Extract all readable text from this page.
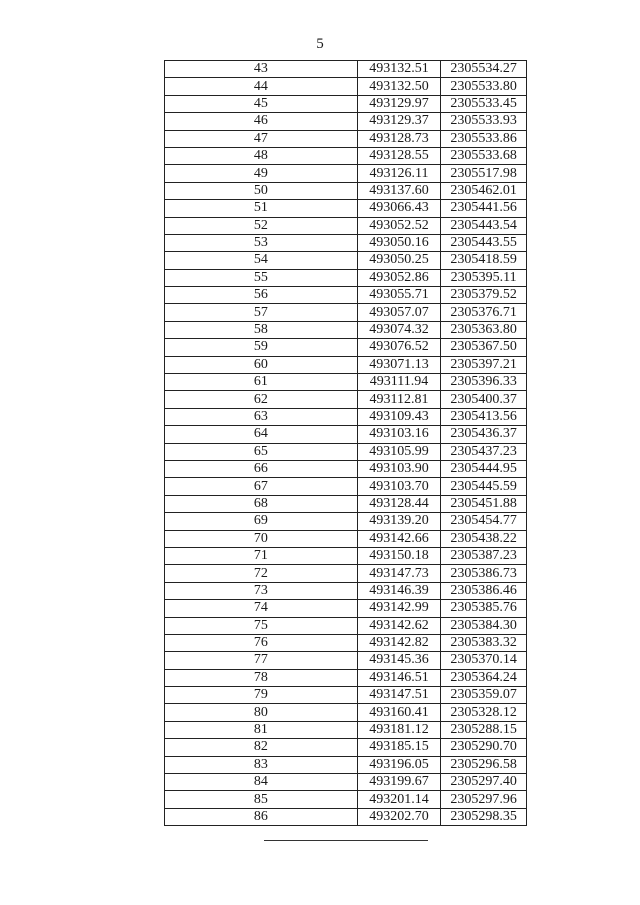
5
43	493132.51	2305534.27
44	493132.50	2305533.80
45	493129.97	2305533.45
46	493129.37	2305533.93
47	493128.73	2305533.86
48	493128.55	2305533.68
49	493126.11	2305517.98
50	493137.60	2305462.01
51	493066.43	2305441.56
52	493052.52	2305443.54
53	493050.16	2305443.55
54	493050.25	2305418.59
55	493052.86	2305395.11
56	493055.71	2305379.52
57	493057.07	2305376.71
58	493074.32	2305363.80
59	493076.52	2305367.50
60	493071.13	2305397.21
61	493111.94	2305396.33
62	493112.81	2305400.37
63	493109.43	2305413.56
64	493103.16	2305436.37
65	493105.99	2305437.23
66	493103.90	2305444.95
67	493103.70	2305445.59
68	493128.44	2305451.88
69	493139.20	2305454.77
70	493142.66	2305438.22
71	493150.18	2305387.23
72	493147.73	2305386.73
73	493146.39	2305386.46
74	493142.99	2305385.76
75	493142.62	2305384.30
76	493142.82	2305383.32
77	493145.36	2305370.14
78	493146.51	2305364.24
79	493147.51	2305359.07
80	493160.41	2305328.12
81	493181.12	2305288.15
82	493185.15	2305290.70
83	493196.05	2305296.58
84	493199.67	2305297.40
85	493201.14	2305297.96
86	493202.70	2305298.35
